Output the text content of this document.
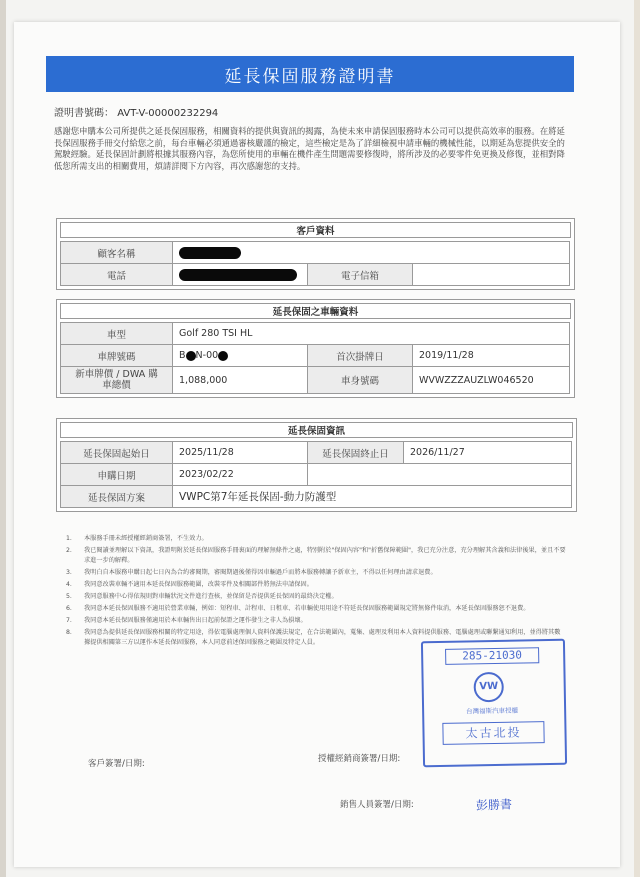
延長保固服務證明書
證明書號碼： AVT-V-00000232294

感謝您申購本公司所提供之延長保固服務，相關資料的提供與資訊的揭露，為使未來申請保固服務時本公司可以提供高效率的服務。在將延長保固服務手冊交付給您之前，每台車輛必須通過審核嚴謹的檢定，這些檢定是為了詳細檢視申請車輛的機械性能，以期延為您提供安全的駕駛經驗。延長保固計劃將根據其服務內容，為您所使用的車輛在機件產生問題需要修復時，將所涉及的必要零件免更換及修復，並相對降低您所需支出的相關費用，煩請詳閱下方內容，再次感謝您的支持。

客戶資料
顧客名稱			
電話		電子信箱	
延長保固之車輛資料
車型	Golf 280 TSI HL		
車牌號碼	B N-00	首次掛牌日	2019/11/28
新車牌價 / DWA 購
車總價	1,088,000	車身號碼	WVWZZZAUZLW046520
延長保固資訊
延長保固起始日	2025/11/28	延長保固終止日	2026/11/27
申購日期	2023/02/22		
延長保固方案	VWPC第7年延長保固-動力防護型		
1. 本服務手冊未經授權經銷商簽署，不生效力。
2. 我已閱讀並理解以下資訊，我證明附於延長保固服務手冊裏面的理解無條件之處，特別附於"保固內容"和"折舊保障範圍"，我已充分注意，充分理解其含義和法律後果，並且不要求進一步的解釋。
3. 我明白自本服務申購日起七日內為合約審閱期，審閱期過後僅得因車輛過戶而將本服務轉讓予新車主，不得以任何理由請求退費。
4. 我同意改裝車輛不適用本延長保固服務範圍，改裝零件及相關部件將無法申請保固。
5. 我同意服務中心得依規則對車輛狀況文件進行查核，並保留是否提供延長保固的最終決定權。
6. 我同意本延長保固服務不適用於營業車輛，例如：短程車、計程車、日租車、若車輛使用用途不符延長保固服務範圍規定將無條件取消，本延長保固服務恕不退費。
7. 我同意本延長保固服務僅適用於本車輛售出日起前保證之運作發生之非人為損壞。
8. 我同意為提供延長保固服務相關的特定用途，得依電腦處理個人資料保護法規定，在合法範圍內，蒐集、處理及利用本人資料提供服務、電腦處理或聯繫通知利用，並得將其數據提供相關第三方以運作本延長保固服務，本人同意前述保固服務之範圍及特定人員。
客戶簽署/日期:	授權經銷商簽署/日期:
銷售人員簽署/日期:	彭勝書
285-21030
VW
台灣福斯汽車授權
太古北投
